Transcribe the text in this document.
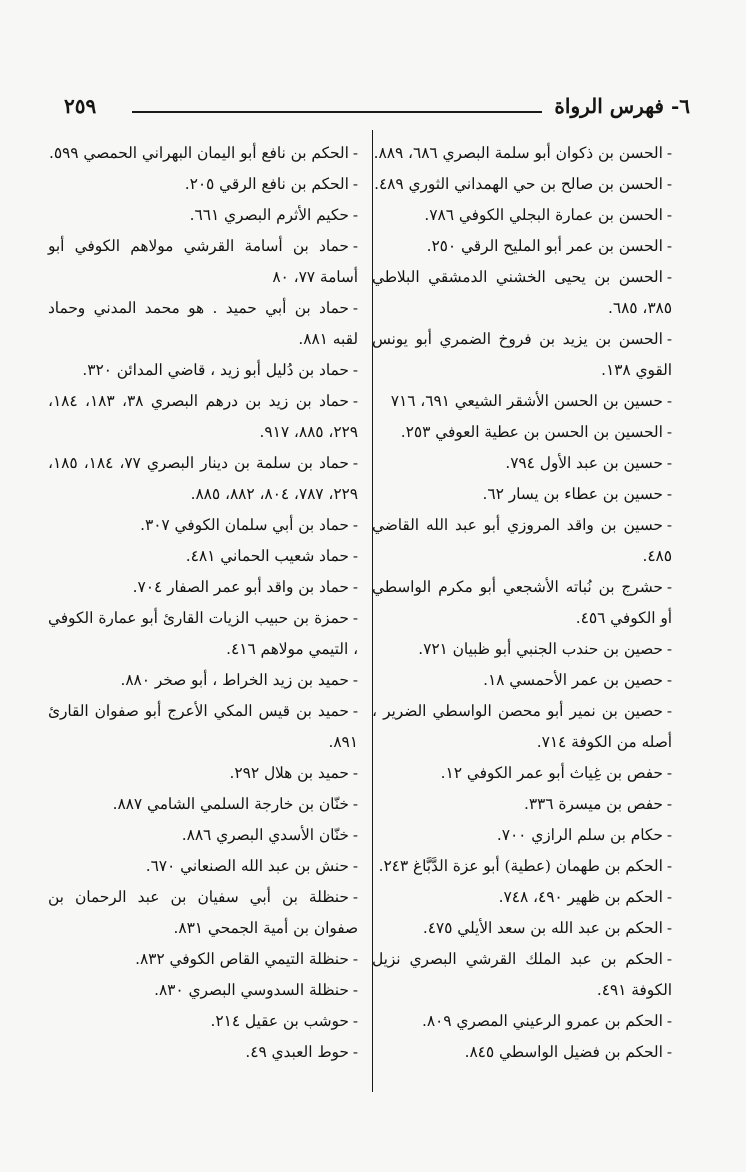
٦- فهرس الرواة
٢٥٩
-الحسن بن ذكوان أبو سلمة البصري ٦٨٦، ٨٨٩.
-الحسن بن صالح بن حي الهمداني الثوري ٤٨٩.
-الحسن بن عمارة البجلي الكوفي ٧٨٦.
-الحسن بن عمر أبو المليح الرقي ٢٥٠.
-الحسن بن يحيى الخشني الدمشقي البلاطي ٣٨٥، ٦٨٥.
-الحسن بن يزيد بن فروخ الضمري أبو يونس القوي ١٣٨.
-حسين بن الحسن الأشقر الشيعي ٦٩١، ٧١٦
-الحسين بن الحسن بن عطية العوفي ٢٥٣.
-حسين بن عبد الأول ٧٩٤.
-حسين بن عطاء بن يسار ٦٢.
-حسين بن واقد المروزي أبو عبد الله القاضي ٤٨٥.
-حشرج بن نُباته الأشجعي أبو مكرم الواسطي أو الكوفي ٤٥٦.
-حصين بن حندب الجنبي أبو ظبيان ٧٢١.
-حصين بن عمر الأحمسي ١٨.
-حصين بن نمير أبو محصن الواسطي الضرير ، أصله من الكوفة ٧١٤.
-حفص بن غِياث أبو عمر الكوفي ١٢.
-حفص بن ميسرة ٣٣٦.
-حكام بن سلم الرازي ٧٠٠.
-الحكم بن طهمان (عطية) أبو عزة الدَّبَّاغ ٢٤٣.
-الحكم بن ظهير ٤٩٠، ٧٤٨.
-الحكم بن عبد الله بن سعد الأيلي ٤٧٥.
-الحكم بن عبد الملك القرشي البصري نزيل الكوفة ٤٩١.
-الحكم بن عمرو الرعيني المصري ٨٠٩.
-الحكم بن فضيل الواسطي ٨٤٥.
-الحكم بن نافع أبو اليمان البهراني الحمصي ٥٩٩.
-الحكم بن نافع الرقي ٢٠٥.
-حكيم الأثرم البصري ٦٦١.
-حماد بن أسامة القرشي مولاهم الكوفي أبو أسامة ٧٧، ٨٠
-حماد بن أبي حميد . هو محمد المدني وحماد لقبه ٨٨١.
-حماد بن دُليل أبو زيد ، قاضي المدائن ٣٢٠.
-حماد بن زيد بن درهم البصري ٣٨، ١٨٣، ١٨٤، ٢٢٩، ٨٨٥، ٩١٧.
-حماد بن سلمة بن دينار البصري ٧٧، ١٨٤، ١٨٥، ٢٢٩، ٧٨٧، ٨٠٤، ٨٨٢، ٨٨٥.
-حماد بن أبي سلمان الكوفي ٣٠٧.
-حماد شعيب الحماني ٤٨١.
-حماد بن واقد أبو عمر الصفار ٧٠٤.
-حمزة بن حبيب الزيات القارئ أبو عمارة الكوفي ، التيمي مولاهم ٤١٦.
-حميد بن زيد الخراط ، أبو صخر ٨٨٠.
-حميد بن قيس المكي الأعرج أبو صفوان القارئ ٨٩١.
-حميد بن هلال ٢٩٢.
-خنّان بن خارجة السلمي الشامي ٨٨٧.
-خنّان الأسدي البصري ٨٨٦.
-حنش بن عبد الله الصنعاني ٦٧٠.
-حنظلة بن أبي سفيان بن عبد الرحمان بن صفوان بن أمية الجمحي ٨٣١.
-حنظلة التيمي القاص الكوفي ٨٣٢.
-حنظلة السدوسي البصري ٨٣٠.
-حوشب بن عقيل ٢١٤.
-حوط العبدي ٤٩.
